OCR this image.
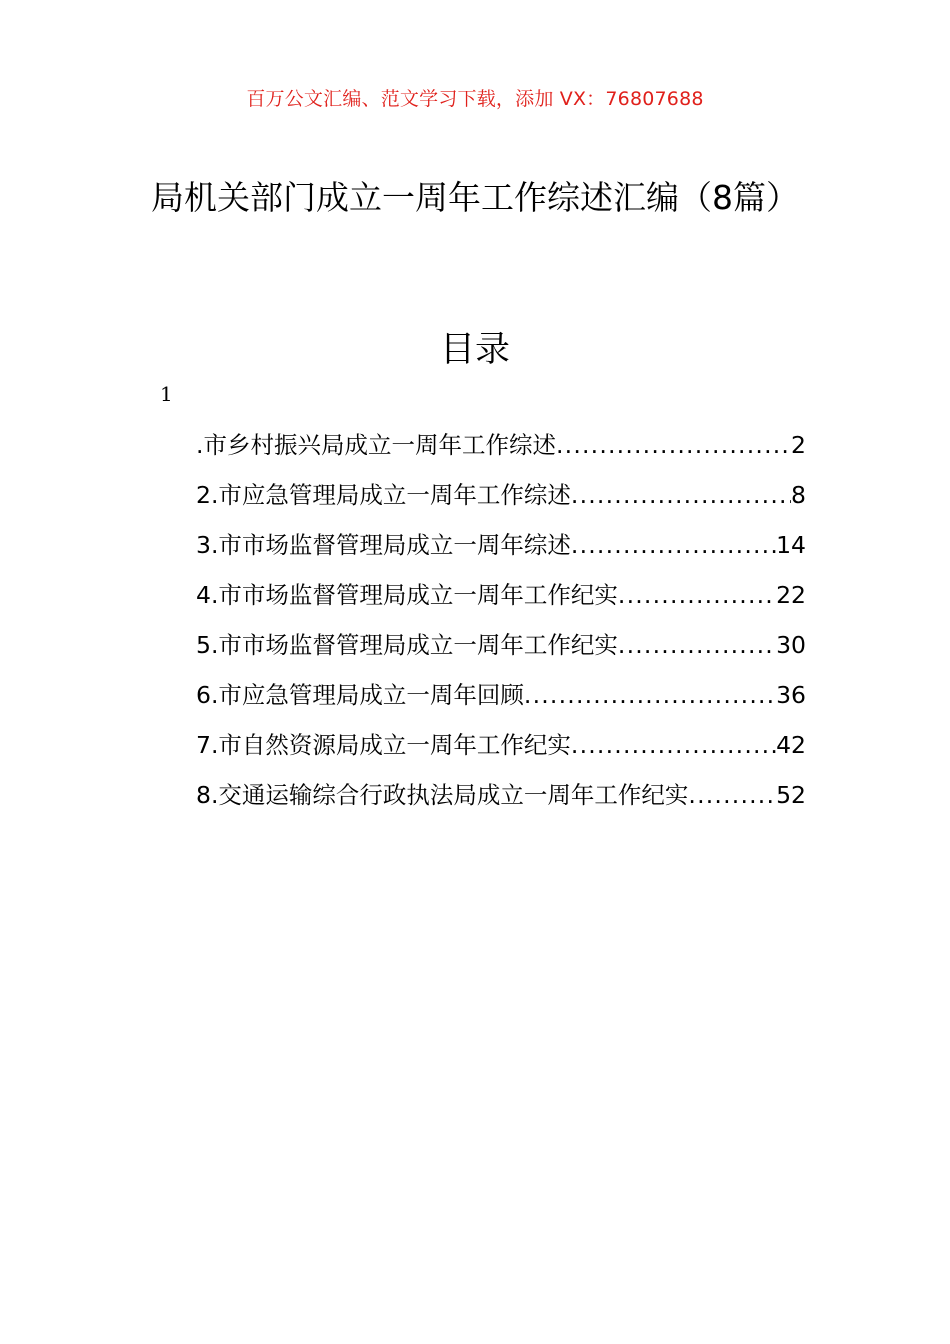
百万公文汇编、范文学习下载，添加 VX：76807688
局机关部门成立一周年工作综述汇编（8篇）
目录
1
.市乡村振兴局成立一周年工作综述 .....	2
2.市应急管理局成立一周年工作综述 .....	8
3.市市场监督管理局成立一周年综述 .....	14
4.市市场监督管理局成立一周年工作纪实 .....	22
5.市市场监督管理局成立一周年工作纪实 .....	30
6.市应急管理局成立一周年回顾 .....	36
7.市自然资源局成立一周年工作纪实 .....	42
8.交通运输综合行政执法局成立一周年工作纪实 .....	52
